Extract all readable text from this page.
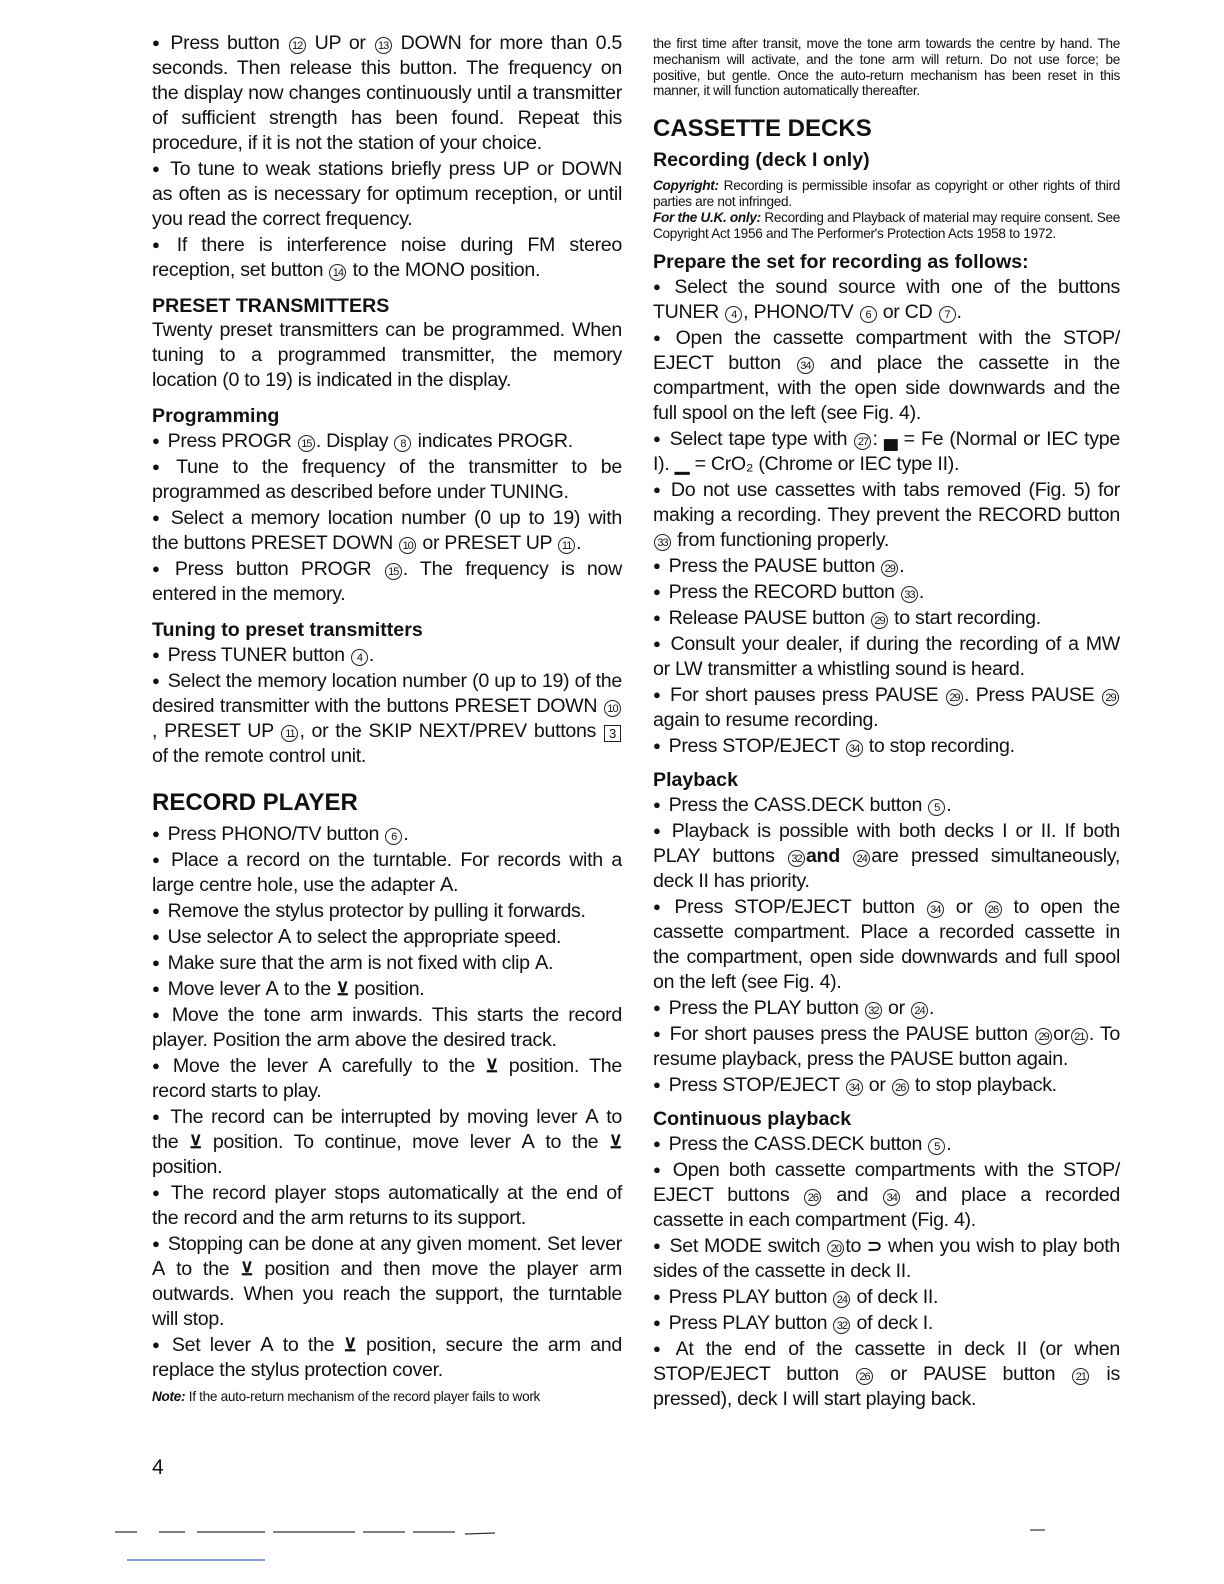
● Press button 12 UP or 13 DOWN for more than 0.5 seconds. Then release this button. The frequency on the display now changes continuously until a transmitter of sufficient strength has been found. Repeat this procedure, if it is not the station of your choice.

● To tune to weak stations briefly press UP or DOWN as often as is necessary for optimum reception, or until you read the correct frequency.

● If there is interference noise during FM stereo reception, set button 14 to the MONO position.

PRESET TRANSMITTERS

Twenty preset transmitters can be programmed. When tuning to a programmed transmitter, the memory location (0 to 19) is indicated in the display.

Programming

● Press PROGR 15 . Display 8 indicates PROGR.

● Tune to the frequency of the transmitter to be programmed as described before under TUNING.

● Select a memory location number (0 up to 19) with the buttons PRESET DOWN 10 or PRESET UP 11 .

● Press button PROGR 15 . The frequency is now entered in the memory.

Tuning to preset transmitters

● Press TUNER button 4 .

● Select the memory location number (0 up to 19) of the desired transmitter with the buttons PRESET DOWN 10, PRESET UP 11 , or the SKIP NEXT/PREV buttons 3 of the remote control unit.

RECORD PLAYER

● Press PHONO/TV button 6 .

● Place a record on the turntable. For records with a large centre hole, use the adapter A.

● Remove the stylus protector by pulling it forwards.

● Use selector A to select the appropriate speed.

● Make sure that the arm is not fixed with clip A.

● Move lever A to the ⊻ position.

● Move the tone arm inwards. This starts the record player. Position the arm above the desired track.

● Move the lever A carefully to the ⊻ position. The record starts to play.

● The record can be interrupted by moving lever A to the ⊻ position. To continue, move lever A to the ⊻ position.

● The record player stops automatically at the end of the record and the arm returns to its support.

● Stopping can be done at any given moment. Set lever A to the ⊻ position and then move the player arm outwards. When you reach the support, the turntable will stop.

● Set lever A to the ⊻ position, secure the arm and replace the stylus protection cover.

Note: If the auto-return mechanism of the record player fails to work

the first time after transit, move the tone arm towards the centre by hand. The mechanism will activate, and the tone arm will return. Do not use force; be positive, but gentle. Once the auto-return mechanism has been reset in this manner, it will function automatically thereafter.

CASSETTE DECKS
Recording (deck I only)

Copyright: Recording is permissible insofar as copyright or other rights of third parties are not infringed.

For the U.K. only: Recording and Playback of material may require consent. See Copyright Act 1956 and The Performer's Protection Acts 1958 to 1972.

Prepare the set for recording as follows:

● Select the sound source with one of the buttons TUNER 4 , PHONO/TV 6 or CD 7 .

● Open the cassette compartment with the STOP/ EJECT button 34 and place the cassette in the compartment, with the open side downwards and the full spool on the left (see Fig. 4).

● Select tape type with 27 : ▄ = Fe (Normal or IEC type I). ▁ = CrO₂ (Chrome or IEC type II).

● Do not use cassettes with tabs removed (Fig. 5) for making a recording. They prevent the RECORD button 33 from functioning properly.

● Press the PAUSE button 29 .

● Press the RECORD button 33 .

● Release PAUSE button 29 to start recording.

● Consult your dealer, if during the recording of a MW or LW transmitter a whistling sound is heard.

● For short pauses press PAUSE 29 . Press PAUSE 29 again to resume recording.

● Press STOP/EJECT 34 to stop recording.

Playback

● Press the CASS.DECK button 5 .

● Playback is possible with both decks I or II. If both PLAY buttons 32 and 24 are pressed simultaneously, deck II has priority.

● Press STOP/EJECT button 34 or 26 to open the cassette compartment. Place a recorded cassette in the compartment, open side downwards and full spool on the left (see Fig. 4).

● Press the PLAY button 32 or 24 .

● For short pauses press the PAUSE button 29 or 21 . To resume playback, press the PAUSE button again.

● Press STOP/EJECT 34 or 26 to stop playback.

Continuous playback

● Press the CASS.DECK button 5 .

● Open both cassette compartments with the STOP/ EJECT buttons 26 and 34 and place a recorded cassette in each compartment (Fig. 4).

● Set MODE switch 20 to ⊃ when you wish to play both sides of the cassette in deck II.

● Press PLAY button 24 of deck II.

● Press PLAY button 32 of deck I.

● At the end of the cassette in deck II (or when STOP/EJECT button 26 or PAUSE button 21 is pressed), deck I will start playing back.

4
